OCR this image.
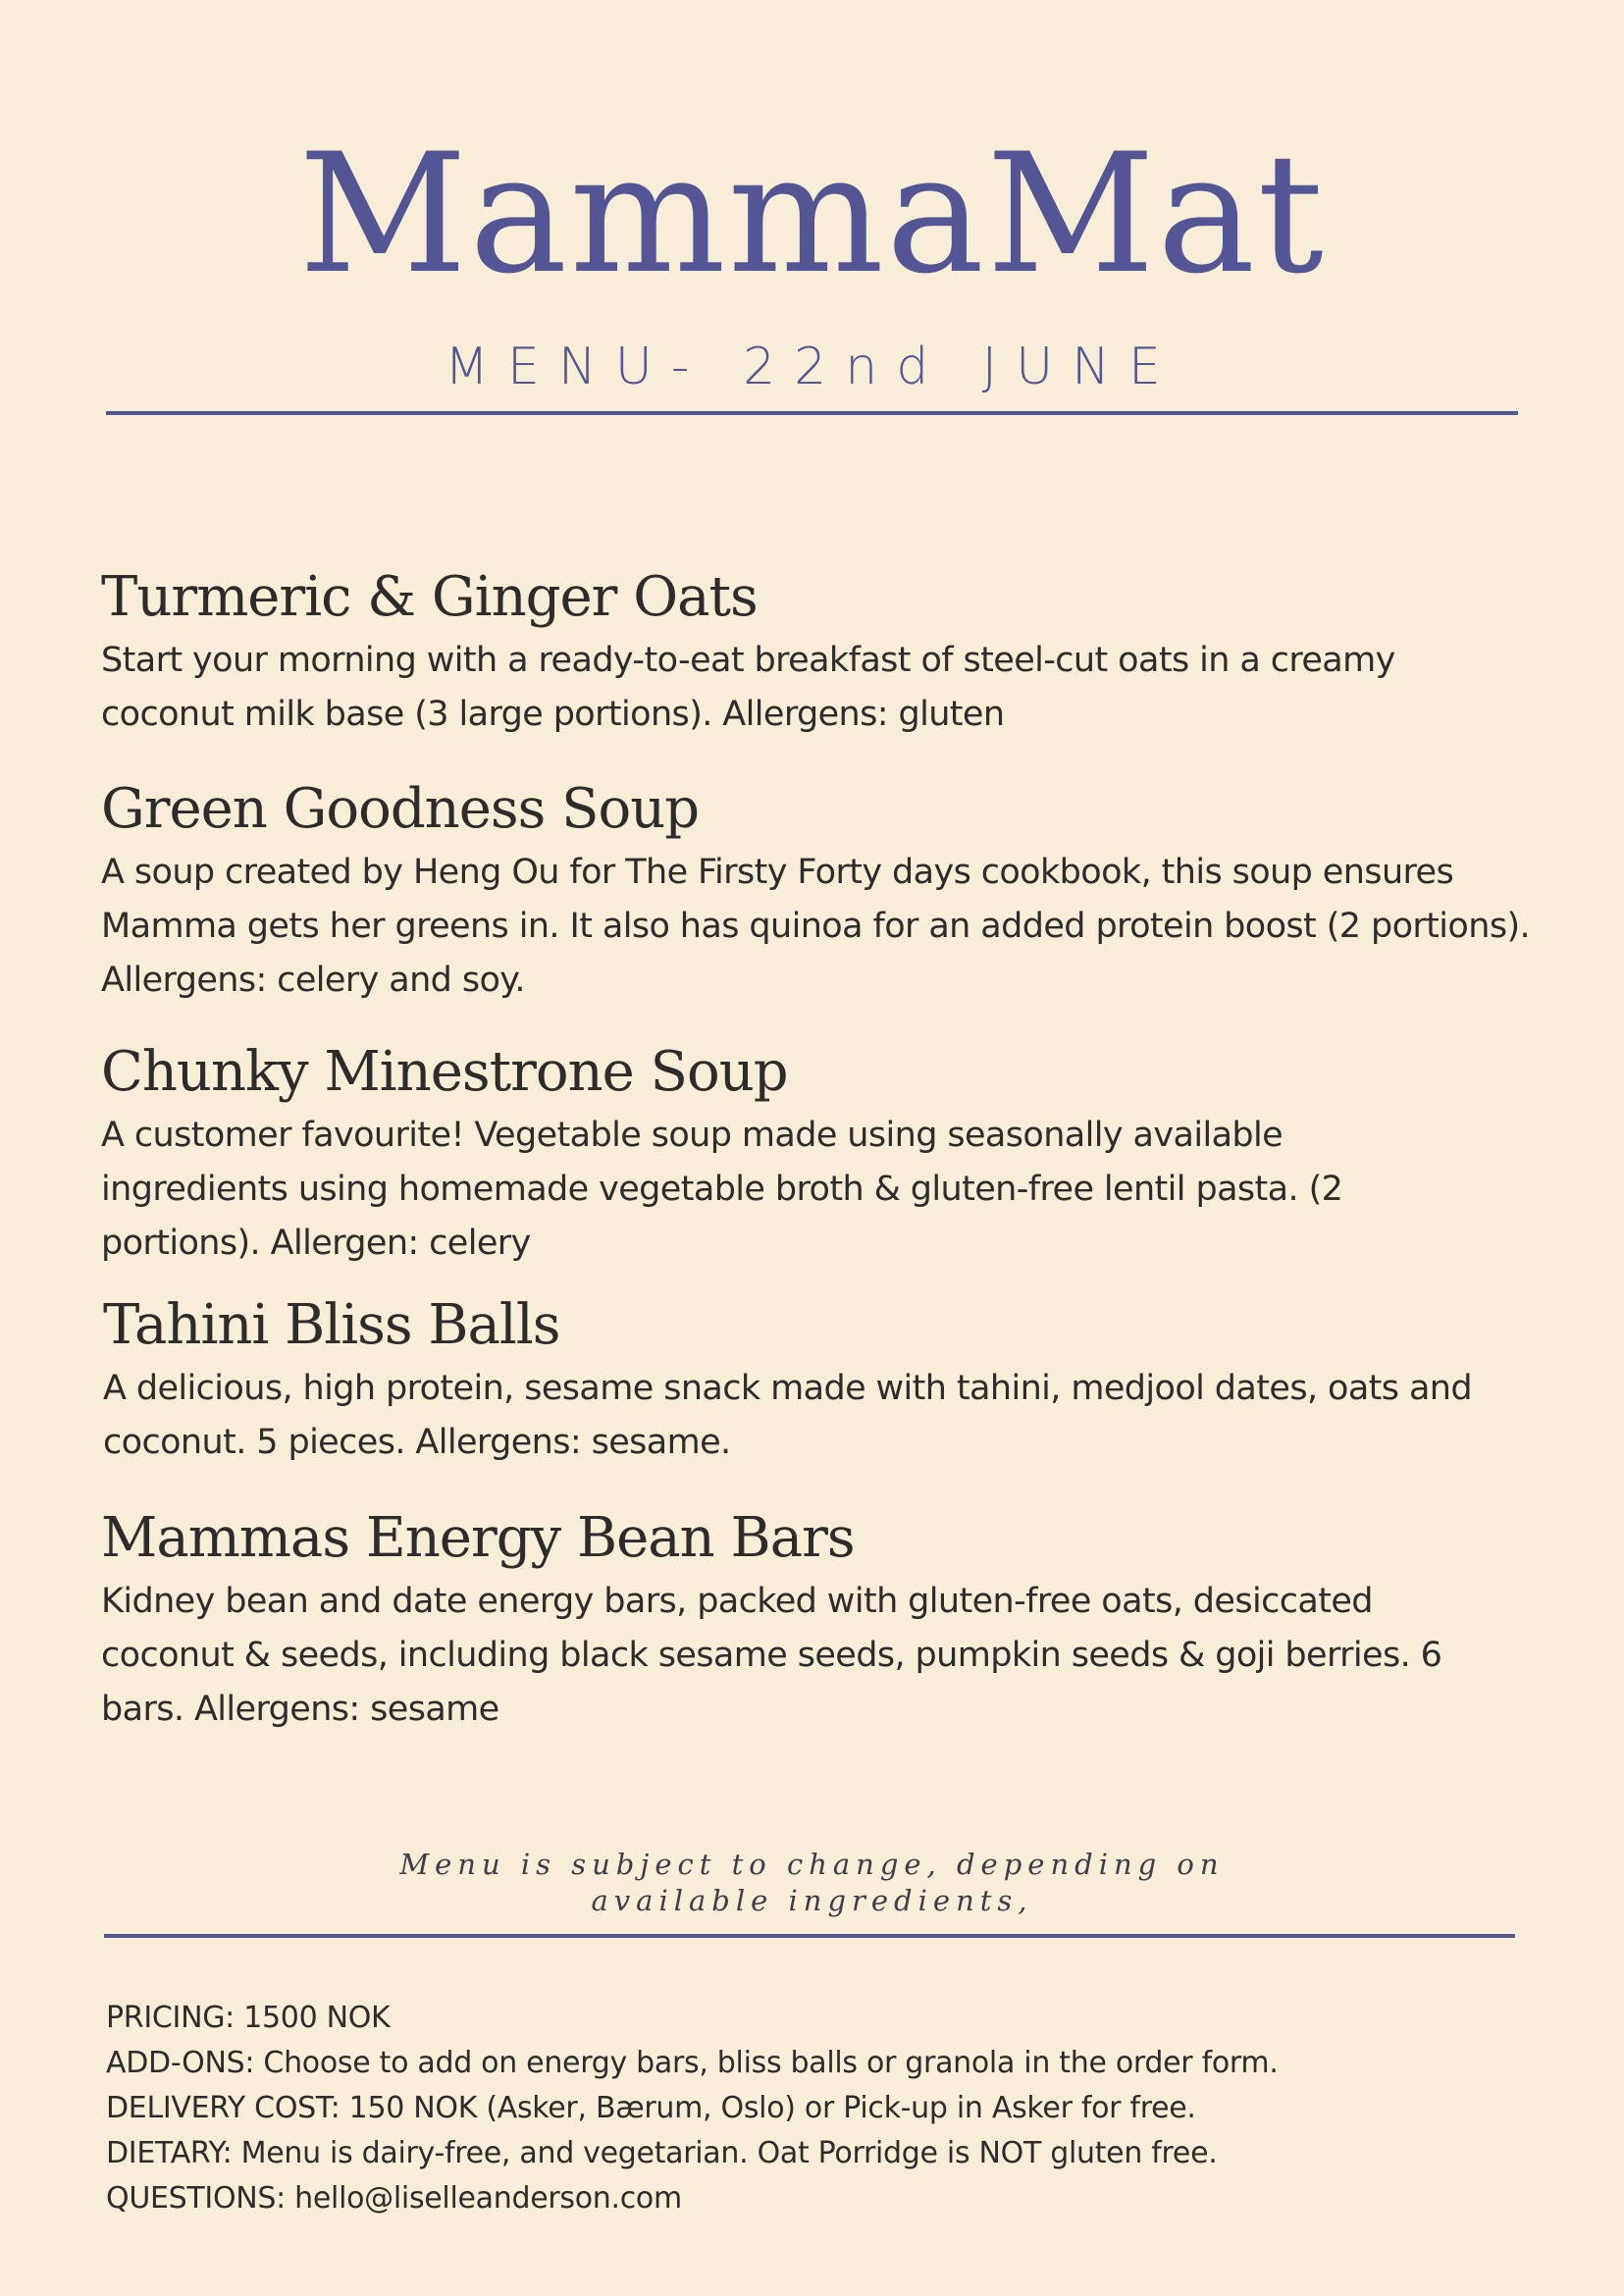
MammaMat
MENU- 22nd JUNE
Turmeric & Ginger Oats

Start your morning with a ready-to-eat breakfast of steel-cut oats in a creamy coconut milk base (3 large portions). Allergens: gluten

Green Goodness Soup

A soup created by Heng Ou for The Firsty Forty days cookbook, this soup ensures Mamma gets her greens in. It also has quinoa for an added protein boost (2 portions). Allergens: celery and soy.

Chunky Minestrone Soup

A customer favourite! Vegetable soup made using seasonally available ingredients using homemade vegetable broth & gluten-free lentil pasta. (2 portions). Allergen: celery

Tahini Bliss Balls

A delicious, high protein, sesame snack made with tahini, medjool dates, oats and coconut. 5 pieces. Allergens: sesame.

Mammas Energy Bean Bars

Kidney bean and date energy bars, packed with gluten-free oats, desiccated coconut & seeds, including black sesame seeds, pumpkin seeds & goji berries. 6 bars. Allergens: sesame

Menu is subject to change, depending on
available ingredients,
PRICING: 1500 NOK
ADD-ONS: Choose to add on energy bars, bliss balls or granola in the order form.
DELIVERY COST: 150 NOK (Asker, Bærum, Oslo) or Pick-up in Asker for free.
DIETARY: Menu is dairy-free, and vegetarian. Oat Porridge is NOT gluten free.
QUESTIONS: hello@liselleanderson.com
